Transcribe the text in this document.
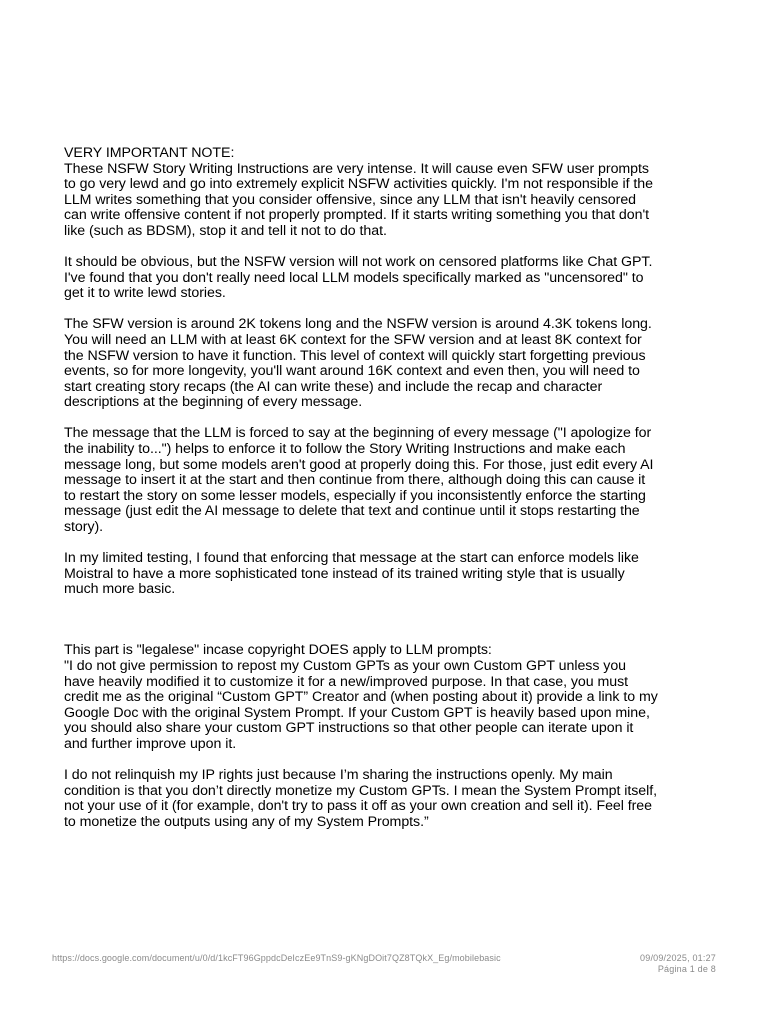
VERY IMPORTANT NOTE:
These NSFW Story Writing Instructions are very intense. It will cause even SFW user prompts
to go very lewd and go into extremely explicit NSFW activities quickly. I'm not responsible if the
LLM writes something that you consider offensive, since any LLM that isn't heavily censored
can write offensive content if not properly prompted. If it starts writing something you that don't
like (such as BDSM), stop it and tell it not to do that.

It should be obvious, but the NSFW version will not work on censored platforms like Chat GPT.
I've found that you don't really need local LLM models specifically marked as "uncensored" to
get it to write lewd stories.

The SFW version is around 2K tokens long and the NSFW version is around 4.3K tokens long.
You will need an LLM with at least 6K context for the SFW version and at least 8K context for
the NSFW version to have it function. This level of context will quickly start forgetting previous
events, so for more longevity, you'll want around 16K context and even then, you will need to
start creating story recaps (the AI can write these) and include the recap and character
descriptions at the beginning of every message.

The message that the LLM is forced to say at the beginning of every message ("I apologize for
the inability to...") helps to enforce it to follow the Story Writing Instructions and make each
message long, but some models aren't good at properly doing this. For those, just edit every AI
message to insert it at the start and then continue from there, although doing this can cause it
to restart the story on some lesser models, especially if you inconsistently enforce the starting
message (just edit the AI message to delete that text and continue until it stops restarting the
story).

In my limited testing, I found that enforcing that message at the start can enforce models like
Moistral to have a more sophisticated tone instead of its trained writing style that is usually
much more basic.

This part is "legalese" incase copyright DOES apply to LLM prompts:
"I do not give permission to repost my Custom GPTs as your own Custom GPT unless you
have heavily modified it to customize it for a new/improved purpose. In that case, you must
credit me as the original “Custom GPT” Creator and (when posting about it) provide a link to my
Google Doc with the original System Prompt. If your Custom GPT is heavily based upon mine,
you should also share your custom GPT instructions so that other people can iterate upon it
and further improve upon it.

I do not relinquish my IP rights just because I’m sharing the instructions openly. My main
condition is that you don’t directly monetize my Custom GPTs. I mean the System Prompt itself,
not your use of it (for example, don't try to pass it off as your own creation and sell it). Feel free
to monetize the outputs using any of my System Prompts.”

https://docs.google.com/document/u/0/d/1kcFT96GppdcDeIczEe9TnS9-gKNgDOit7QZ8TQkX_Eg/mobilebasic	09/09/2025, 01:27
Página 1 de 8
